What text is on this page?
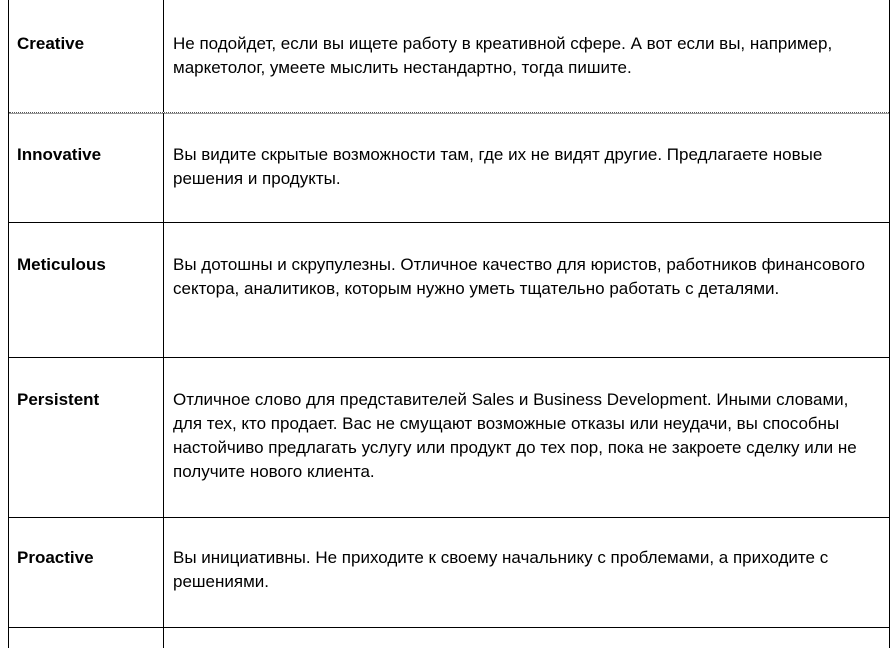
Creative	Не подойдет, если вы ищете работу в креативной сфере. А вот если вы, например, маркетолог, умеете мыслить нестандартно, тогда пишите.
Innovative	Вы видите скрытые возможности там, где их не видят другие. Предлагаете новые решения и продукты.
Meticulous	Вы дотошны и скрупулезны. Отличное качество для юристов, работников финансового сектора, аналитиков, которым нужно уметь тщательно работать с деталями.
Persistent	Отличное слово для представителей Sales и Business Development. Иными словами, для тех, кто продает. Вас не смущают возможные отказы или неудачи, вы способны настойчиво предлагать услугу или продукт до тех пор, пока не закроете сделку или не получите нового клиента.
Proactive	Вы инициативны. Не приходите к своему начальнику с проблемами, а приходите с решениями.
